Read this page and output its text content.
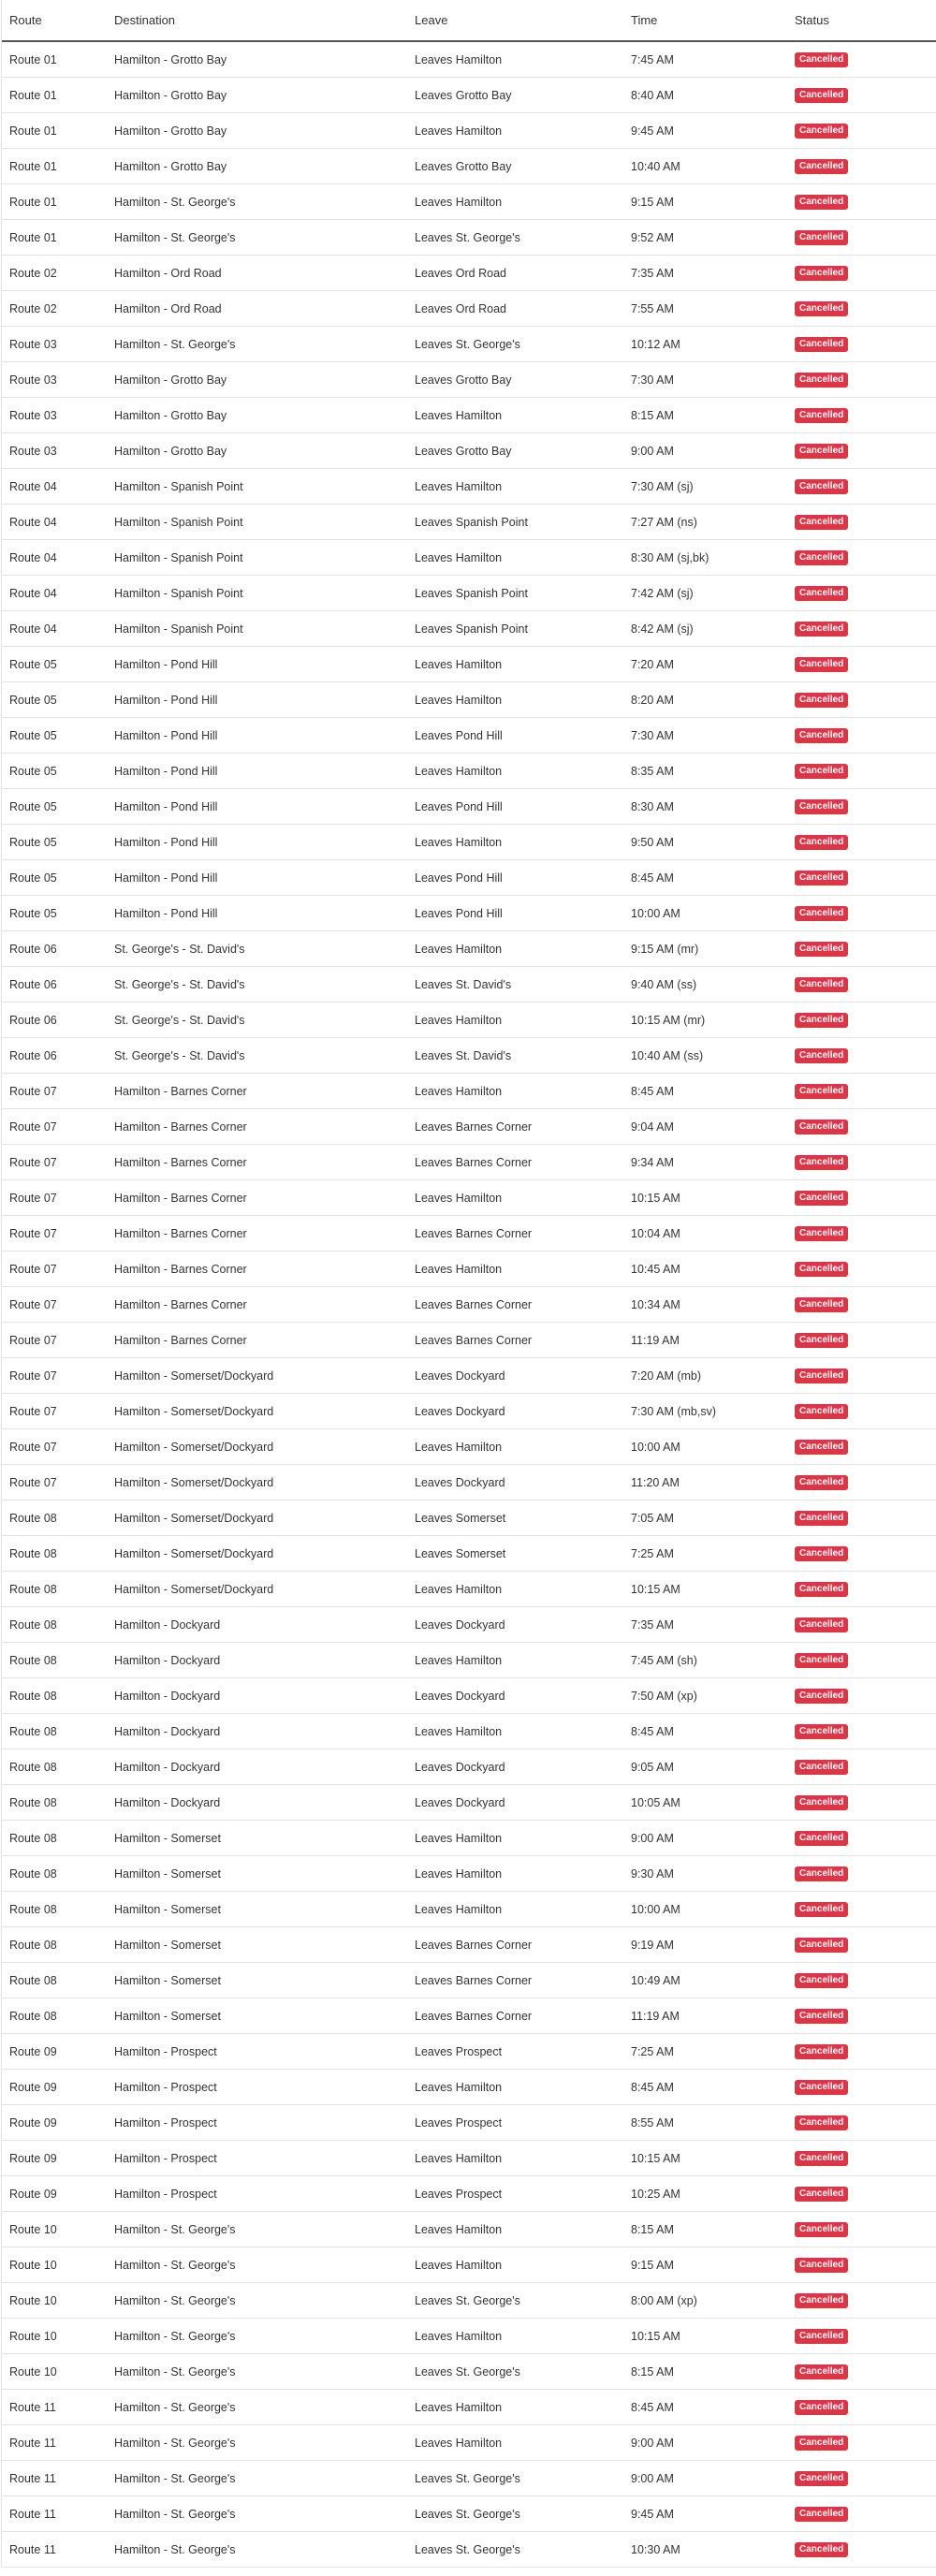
Route	Destination	Leave	Time	Status
Route 01	Hamilton - Grotto Bay	Leaves Hamilton	7:45 AM	Cancelled
Route 01	Hamilton - Grotto Bay	Leaves Grotto Bay	8:40 AM	Cancelled
Route 01	Hamilton - Grotto Bay	Leaves Hamilton	9:45 AM	Cancelled
Route 01	Hamilton - Grotto Bay	Leaves Grotto Bay	10:40 AM	Cancelled
Route 01	Hamilton - St. George's	Leaves Hamilton	9:15 AM	Cancelled
Route 01	Hamilton - St. George's	Leaves St. George's	9:52 AM	Cancelled
Route 02	Hamilton - Ord Road	Leaves Ord Road	7:35 AM	Cancelled
Route 02	Hamilton - Ord Road	Leaves Ord Road	7:55 AM	Cancelled
Route 03	Hamilton - St. George's	Leaves St. George's	10:12 AM	Cancelled
Route 03	Hamilton - Grotto Bay	Leaves Grotto Bay	7:30 AM	Cancelled
Route 03	Hamilton - Grotto Bay	Leaves Hamilton	8:15 AM	Cancelled
Route 03	Hamilton - Grotto Bay	Leaves Grotto Bay	9:00 AM	Cancelled
Route 04	Hamilton - Spanish Point	Leaves Hamilton	7:30 AM (sj)	Cancelled
Route 04	Hamilton - Spanish Point	Leaves Spanish Point	7:27 AM (ns)	Cancelled
Route 04	Hamilton - Spanish Point	Leaves Hamilton	8:30 AM (sj,bk)	Cancelled
Route 04	Hamilton - Spanish Point	Leaves Spanish Point	7:42 AM (sj)	Cancelled
Route 04	Hamilton - Spanish Point	Leaves Spanish Point	8:42 AM (sj)	Cancelled
Route 05	Hamilton - Pond Hill	Leaves Hamilton	7:20 AM	Cancelled
Route 05	Hamilton - Pond Hill	Leaves Hamilton	8:20 AM	Cancelled
Route 05	Hamilton - Pond Hill	Leaves Pond Hill	7:30 AM	Cancelled
Route 05	Hamilton - Pond Hill	Leaves Hamilton	8:35 AM	Cancelled
Route 05	Hamilton - Pond Hill	Leaves Pond Hill	8:30 AM	Cancelled
Route 05	Hamilton - Pond Hill	Leaves Hamilton	9:50 AM	Cancelled
Route 05	Hamilton - Pond Hill	Leaves Pond Hill	8:45 AM	Cancelled
Route 05	Hamilton - Pond Hill	Leaves Pond Hill	10:00 AM	Cancelled
Route 06	St. George's - St. David's	Leaves Hamilton	9:15 AM (mr)	Cancelled
Route 06	St. George's - St. David's	Leaves St. David's	9:40 AM (ss)	Cancelled
Route 06	St. George's - St. David's	Leaves Hamilton	10:15 AM (mr)	Cancelled
Route 06	St. George's - St. David's	Leaves St. David's	10:40 AM (ss)	Cancelled
Route 07	Hamilton - Barnes Corner	Leaves Hamilton	8:45 AM	Cancelled
Route 07	Hamilton - Barnes Corner	Leaves Barnes Corner	9:04 AM	Cancelled
Route 07	Hamilton - Barnes Corner	Leaves Barnes Corner	9:34 AM	Cancelled
Route 07	Hamilton - Barnes Corner	Leaves Hamilton	10:15 AM	Cancelled
Route 07	Hamilton - Barnes Corner	Leaves Barnes Corner	10:04 AM	Cancelled
Route 07	Hamilton - Barnes Corner	Leaves Hamilton	10:45 AM	Cancelled
Route 07	Hamilton - Barnes Corner	Leaves Barnes Corner	10:34 AM	Cancelled
Route 07	Hamilton - Barnes Corner	Leaves Barnes Corner	11:19 AM	Cancelled
Route 07	Hamilton - Somerset/Dockyard	Leaves Dockyard	7:20 AM (mb)	Cancelled
Route 07	Hamilton - Somerset/Dockyard	Leaves Dockyard	7:30 AM (mb,sv)	Cancelled
Route 07	Hamilton - Somerset/Dockyard	Leaves Hamilton	10:00 AM	Cancelled
Route 07	Hamilton - Somerset/Dockyard	Leaves Dockyard	11:20 AM	Cancelled
Route 08	Hamilton - Somerset/Dockyard	Leaves Somerset	7:05 AM	Cancelled
Route 08	Hamilton - Somerset/Dockyard	Leaves Somerset	7:25 AM	Cancelled
Route 08	Hamilton - Somerset/Dockyard	Leaves Hamilton	10:15 AM	Cancelled
Route 08	Hamilton - Dockyard	Leaves Dockyard	7:35 AM	Cancelled
Route 08	Hamilton - Dockyard	Leaves Hamilton	7:45 AM (sh)	Cancelled
Route 08	Hamilton - Dockyard	Leaves Dockyard	7:50 AM (xp)	Cancelled
Route 08	Hamilton - Dockyard	Leaves Hamilton	8:45 AM	Cancelled
Route 08	Hamilton - Dockyard	Leaves Dockyard	9:05 AM	Cancelled
Route 08	Hamilton - Dockyard	Leaves Dockyard	10:05 AM	Cancelled
Route 08	Hamilton - Somerset	Leaves Hamilton	9:00 AM	Cancelled
Route 08	Hamilton - Somerset	Leaves Hamilton	9:30 AM	Cancelled
Route 08	Hamilton - Somerset	Leaves Hamilton	10:00 AM	Cancelled
Route 08	Hamilton - Somerset	Leaves Barnes Corner	9:19 AM	Cancelled
Route 08	Hamilton - Somerset	Leaves Barnes Corner	10:49 AM	Cancelled
Route 08	Hamilton - Somerset	Leaves Barnes Corner	11:19 AM	Cancelled
Route 09	Hamilton - Prospect	Leaves Prospect	7:25 AM	Cancelled
Route 09	Hamilton - Prospect	Leaves Hamilton	8:45 AM	Cancelled
Route 09	Hamilton - Prospect	Leaves Prospect	8:55 AM	Cancelled
Route 09	Hamilton - Prospect	Leaves Hamilton	10:15 AM	Cancelled
Route 09	Hamilton - Prospect	Leaves Prospect	10:25 AM	Cancelled
Route 10	Hamilton - St. George's	Leaves Hamilton	8:15 AM	Cancelled
Route 10	Hamilton - St. George's	Leaves Hamilton	9:15 AM	Cancelled
Route 10	Hamilton - St. George's	Leaves St. George's	8:00 AM (xp)	Cancelled
Route 10	Hamilton - St. George's	Leaves Hamilton	10:15 AM	Cancelled
Route 10	Hamilton - St. George's	Leaves St. George's	8:15 AM	Cancelled
Route 11	Hamilton - St. George's	Leaves Hamilton	8:45 AM	Cancelled
Route 11	Hamilton - St. George's	Leaves Hamilton	9:00 AM	Cancelled
Route 11	Hamilton - St. George's	Leaves St. George's	9:00 AM	Cancelled
Route 11	Hamilton - St. George's	Leaves St. George's	9:45 AM	Cancelled
Route 11	Hamilton - St. George's	Leaves St. George's	10:30 AM	Cancelled
